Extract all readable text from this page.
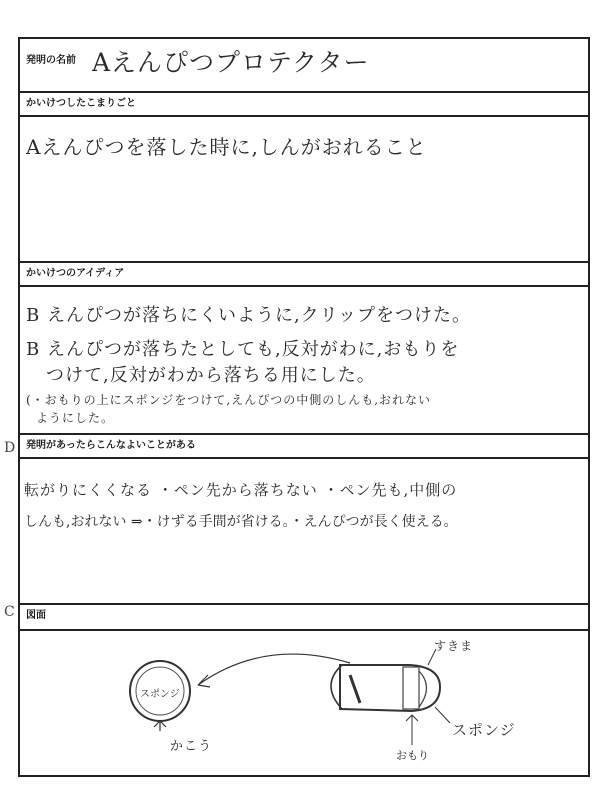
発明の名前 Aえんぴつプロテクター
かいけつしたこまりごと
Aえんぴつを落した時に,しんがおれること
かいけつのアイディア
B えんぴつが落ちにくいように,クリップをつけた。
B えんぴつが落ちたとしても,反対がわに,おもりを
つけて,反対がわから落ちる用にした。
(・おもりの上にスポンジをつけて,えんぴつの中側のしんも,おれない
ようにした。
発明があったらこんなよいことがある
転がりにくくなる ・ペン先から落ちない ・ペン先も,中側の
しんも,おれない ⇒・けずる手間が省ける。・えんぴつが長く使える。
図面
スポンジ
かこう
すきま
スポンジ
おもり
D
C
